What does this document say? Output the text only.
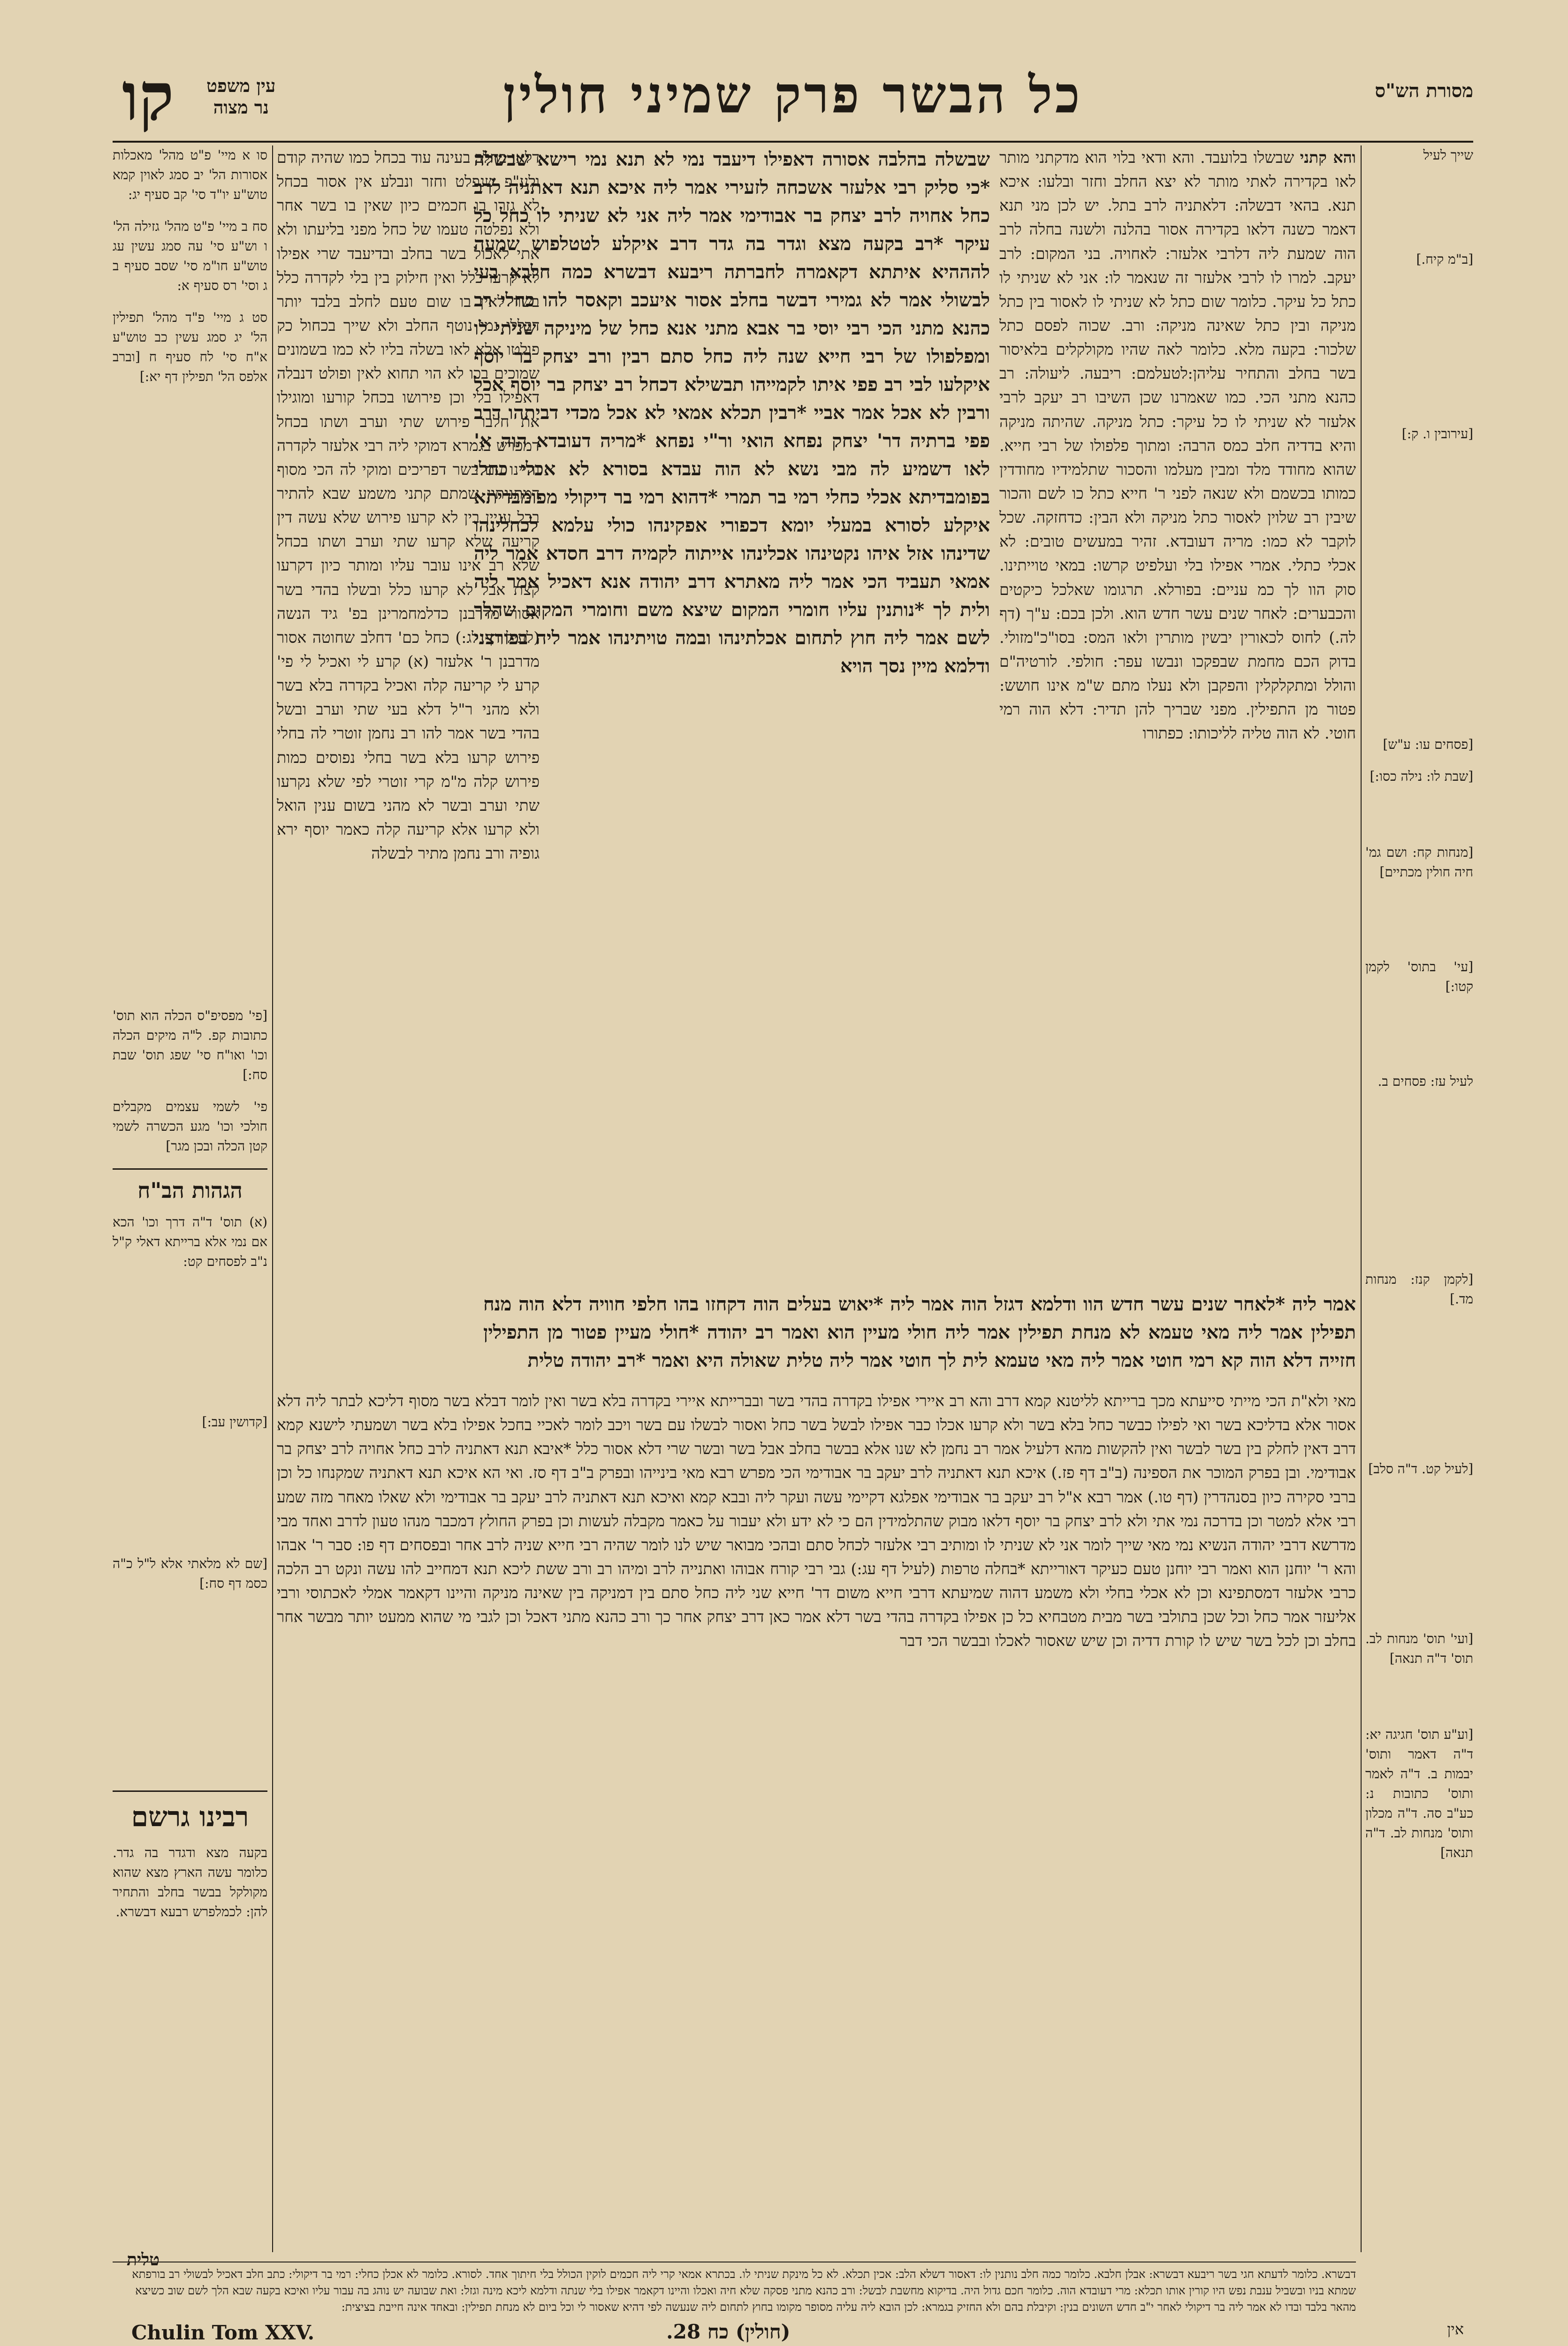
מסורת הש"ס
כל הבשר פרק שמיני חולין
עין משפט
נר מצוה
קו
שייך לעיל
[ב"מ קיח.]
[עירובין ו. ק:]
[פסחים עו: ע"ש]
[שבת לו: נילה כסו:]
[מנחות קח: ושם גמ' חיה חולין מכתיים]
[עי' בתוס' לקמן קטו:]
לעיל עז: פסחים ב.
[לקמן קנז: מנחות מד.]
[לעיל קט. ד"ה סלב]
[ועי' תוס' מנחות לב. תוס' ד"ה תנאה]
[וע"ע תוס' חגיגה יא: ד"ה דאמר ותוס' יבמות ב. ד"ה לאמר ותוס' כתובות נ: כע"ב סה. ד"ה מכלון ותוס' מנחות לב. ד"ה תנאה]
והא קתני שבשלו בלועבד. והא ודאי בלוי הוא מדקתני מותר לאו בקדירה לאתי מותר לא יצא החלב וחזר ובלעו: איכא תנא. בהאי דבשלה: דלאתניה לרב בתל. יש לכן מני תנא דאמר כשנה דלאו בקדירה אסור בהלנה ולשנה בחלה לרב הוה שמעת ליה דלרבי אלעזר: לאחויה. בני המקום: לרב יעקב. למרו לו לרבי אלעזר זה שנאמר לו: אני לא שניתי לו כתל כל עיקר. כלומר שום כתל לא שניתי לו לאסור בין כתל מניקה ובין כתל שאינה מניקה: ורב. שכוה לפסם כתל שלכור: בקעה מלא. כלומר לאה שהיו מקולקלים בלאיסור בשר בחלב והתחיר עליהן:לטעלמם: ריבעה. ליעולה: רב כהנא מתני הכי. כמו שאמרנו שכן השיבו רב יעקב לרבי אלעזר לא שניתי לו כל עיקר: כתל מניקה. שהיתה מניקה והיא בדדיה חלב כמס הרבה: ומתוך פלפולו של רבי חייא. שהוא מחודד מלד ומבין מעלמו והסכור שתלמידיו מחודדין כמותו בכשמם ולא שנאה לפני ר' חייא כתל כו לשם והכור שיבין רב שלוין לאסור כתל מניקה ולא הבין: כדחזקה. שכל לוקבר לא כמו: מריה דעובדא. זהיר במעשים טובים: לא אכלי כתלי. אמרי אפילו בלי ועלפיט קרשו: במאי טוייתינו. סוק הוו לך כמ עניים: בפורלא. תרגומו שאלכל כיקטים והכבערים: לאחר שנים עשר חדש הוא. ולכן בכם: ע"ך (דף לה.) לחוס לכאורין יבשין מותרין ולאו המס: בסו"כ"מזולי. בדוק הכם מחמת שבפקכו ונבשו עפר: חולפי. לורטיה"ם והולל ומתקלקלין והפקבן ולא נעלו מתם ש"מ אינו חושש: פטור מן התפילין. מפני שבריך להן תדיר: דלא הוה רמי חוטי. לא הוה טליה לליכותו: כפתורו
שבשלה בהלבה אסורה דאפילו דיעבד נמי לא תנא נמי רישא שבשלה *כי סליק רבי אלעזר אשכחה לזעירי אמר ליה איכא תנא דאתניה לרב כחל אחויה לרב יצחק בר אבודימי אמר ליה אני לא שניתי לו כחל כל עיקר *רב בקעה מצא וגדר בה גדר דרב איקלע לטטלפוש שמעה להההיא איתתא דקאמרה לחברתה ריבעא דבשרא כמה חלבא בעי לבשולי אמר לא גמירי דבשר בחלב אסור איעכב וקאסר להו כחלי רב כהנא מתני הכי רבי יוסי בר אבא מתני אנא כחל של מיניקה שניתי לו ומפלפולו של רבי חייא שנה ליה כחל סתם רבין ורב יצחק בר יוסף איקלעו לבי רב פפי איתו לקמייהו תבשילא דכחל רב יצחק בר יוסף אכל ורבין לא אכל אמר אביי *רבין תכלא אמאי לא אכל מכדי דביתהו דרב פפי ברתיה דר' יצחק נפחא הואי ור"י נפחא *מריה דעובדא הוה א' לאו דשמיע לה מבי נשא לא הוה עבדא בסורא לא אכלי כחלי בפומבדיתא אכלי כחלי רמי בר תמרי *דהוא רמי בר דיקולי מפומבדיתא איקלע לסורא במעלי יומא דכפורי אפקינהו כולי עלמא לכחלינהו שדינהו אזל איהו נקטינהו אכלינהו אייתוה לקמיה דרב חסדא אמר ליה אמאי תעביד הכי אמר ליה מאתרא דרב יהודה אנא דאכיל אמר ליה ולית לך *נותנין עליו חומרי המקום שיצא משם וחומרי המקום שהלך לשם אמר ליה חוץ לתחום אכלתינהו ובמה טויתינהו אמר ליה בפורצני ודלמא מיין נסך הויא
דלאו בחלב בעינה עוד בכחל כמו שהיה קודם ולע"פ שנפלט וחזר ונבלע אין אסור בכחל לא גזרו בו חכמים כיון שאין בו בשר אחר ולא נפלטה טעמו של כחל מפני בליעתו ולא אתי לאכול בשר בחלב ובדיעבד שרי אפילו לא קרעו כלל ואין חילוק בין בלי לקדרה כלל בשר לאין בו שום טעם לחלב בלבד יותר דבללי נמי נוטף החלב ולא שייך בכחול כק פולטו אלא לאו בשלה בליו לא כמו בשמונים שמוכים בכו לא הוי תחוא לאין ופולט דנבלה דאפילו בלי וכן פירושו בכחל קורעו ומוגילו את חלבו פירוש שתי וערב ושתו בכחל דמפרש בגמרא דמוקי ליה רבי אלעזר לקדרה והיינו עם בשר דפריכים ומוקי לה הכי מסוף דמתניתין שמתם קתני משמע שבא להתיר בכל עניין בין לא קרעו פירוש שלא עשה דין קריעה שלא קרעו שתי וערב ושתו בכחל שלא רב אינו עובר עליו ומותר כיון דקרעו קצת אבל לא קרעו כלל ובשלו בהדי בשר אסור מדרבנן כדלמחמרינן בפ' גיד הנשה (לעיל דף לג:) כחל כם' דחלב שחוטה אסור מדרבנן ר' אלעזר (א) קרע לי ואכיל לי פי' קרע לי קריעה קלה ואכיל בקדרה בלא בשר ולא מהני ר"ל דלא בעי שתי וערב ובשל בהדי בשר אמר להו רב נחמן זוטרי לה בחלי פירוש קרעו בלא בשר בחלי נפוסים כמות פירוש קלה מ"מ קרי זוטרי לפי שלא נקרעו שתי וערב ובשר לא מהני בשום ענין הואל ולא קרעו אלא קריעה קלה כאמר יוסף ירא גופיה ורב נחמן מתיר לבשלה
סו א מיי' פ"ט מהל' מאכלות אסורות הל' יב סמג לאוין קמא טוש"ע יו"ד סי' קב סעיף יג:
סח ב מיי' פ"ט מהל' גזילה הל' ו וש"ע סי' עה סמג עשין עג טוש"ע חו"מ סי' שסב סעיף ב ג וסי' רס סעיף א:
סט ג מיי' פ"ד מהל' תפילין הל' יג סמג עשין כב טוש"ע א"ח סי' לח סעיף ח [וברב אלפס הל' תפילין דף יא:]
[פי' מפסיפ"ס הכלה הוא תוס' כתובות קפ. ל"ה מיקים הכלה וכו' ואו"ח סי' שפג תוס' שבת סח:]
פי' לשמי עצמים מקבלים חולכי וכו' מגע הכשרה לשמי קטן הכלה ובכן מגר]
הגהות הב"ח
(א) תוס' ד"ה דרך וכו' הכא אם נמי אלא ברייתא דאלי ק"ל נ"ב לפסחים קט:
[קדושין עב:]
[שם לא מלאתי אלא ל"ל כ"ה כסמ דף סח:]
רבינו גרשם
בקעה מצא ודגדר בה גדר. כלומר עשה הארץ מצא שהוא מקולקל בבשר בחלב והתחיר להן: לכמלפרש רבעא דבשרא.
אמר ליה *לאחר שנים עשר חדש הוו ודלמא דגזל הוה אמר ליה *יאוש בעלים הוה דקחזו בהו חלפי חוויה דלא הוה מנח תפילין אמר ליה מאי טעמא לא מנחת תפילין אמר ליה חולי מעיין הוא ואמר רב יהודה *חולי מעיין פטור מן התפילין חזייה דלא הוה קא רמי חוטי אמר ליה מאי טעמא לית לך חוטי אמר ליה טלית שאולה היא ואמר *רב יהודה טלית
מאי ולא"ת הכי מייתי סייעתא מכך ברייתא לליטנא קמא דרב והא רב איירי אפילו בקדרה בהדי בשר ובברייתא איירי בקדרה בלא בשר ואין לומר דבלא בשר מסוף דליכא לבתר ליה דלא אסור אלא בדליכא בשר ואי לפילו כבשר כחל בלא בשר ולא קרעו אכלו כבר אפילו לבשל בשר כחל ואסור לבשלו עם בשר ויכב לומר לאכיי בחכל אפילו בלא בשר ושמעתי לישנא קמא דרב דאין לחלק בין בשר לבשר ואין להקשות מהא דלעיל אמר רב נחמן לא שנו אלא בבשר בחלב אבל בשר ובשר שרי דלא אסור כלל *איבא תנא דאתניה לרב כחל אחויה לרב יצחק בר אבודימי. ובן בפרק המוכר את הספינה (ב"ב דף פז.) איכא תנא דאתניה לרב יעקב בר אבודימי הכי מפרש רבא מאי בינייהו ובפרק ב"ב דף סז. ואי הא איכא תנא דאתניה שמקנחו כל וכן ברבי סקירה כיון בסנהדרין (דף טו.) אמר רבא א"ל רב יעקב בר אבודימי אפלגא דקיימי עשה ועקר ליה ובבא קמא ואיכא תנא דאתניה לרב יעקב בר אבודימי ולא שאלו מאחר מזה שמע רבי אלא למטר וכן בדרכה נמי אתי ולא לרב יצחק בר יוסף דלאו מבוק שהתלמידין הם כי לא ידע ולא יעבור על כאמר מקבלה לעשות וכן בפרק החולץ דמכבר מנהו טעון לדרב ואחד מבי מדרשא דרבי יהודה הנשיא נמי מאי שייך לומר אני לא שניתי לו ומותיב רבי אלעזר לכחל סתם ובהכי מבואר שיש לנו לומר שהיה רבי חייא שניה לרב אחר ובפסחים דף פו: סבר ר' אבהו והא ר' יוחנן הוא ואמר רבי יוחנן טעם כעיקר דאורייתא *בחלה טרפות (לעיל דף עג:) גבי רבי קורח אבוהו ואתנייה לרב ומיהו רב ורב ששת ליכא תנא דמחייב להו עשה ונקט רב הלכה כרבי אלעזר דמסתפינא וכן לא אכלי בחלי ולא משמע דהוה שמיעתא דרבי חייא משום דר' חייא שני ליה כחל סתם בין דמניקה בין שאינה מניקה והיינו דקאמר אמלי לאכתוסי ורבי אליעזר אמר כחל וכל שכן בתולבי בשר מבית מטבחיא כל כן אפילו בקדרה בהדי בשר דלא אמר כאן דרב יצחק אחר כך ורב כהנא מתני דאכל וכן לגבי מי שהוא ממעט יותר מבשר אחר בחלב וכן לכל בשר שיש לו קורת דדיה וכן שיש שאסור לאכלו ובבשר הכי דבר
טלית
דבשרא. כלומר לדעתא חגי בשר ריבעא דבשרא: אבלן חלבא. כלומר כמה חלב נותנין לו: דאסור דשלא הלב: אכין תכלא. לא כל מינקת שניתי לו. בכתרא אמאי קרי ליה חכמים לוקין הכולל בלי חיתוך אחד. לסורא. כלומר לא אכלן כחלי: רמי בר דיקולי: כתב חלב דאכיל לבשולי רב בורפתא שמתא בניו ובשביל ענבת נפש היו קורין אותו תכלא: מרי דעובדא הוה. כלומר חכם גדול היה. בדיקוא מחשבת לבשל: ורב כהנא מתני פסקה שלא חיה ואכלו והיינו דקאמר אפילו בלי שנתה ודלמא ליכא מינה וגזל: ואת שבועה יש נוהג בה עבור עליו ואיכא בקעה שבא הלך לשם שוב כשיצא מהאר בלבד ובדו לא אמר ליה בר דיקולי לאחר י"ב חדש השונים בנין: וקיבלת בהם ולא החזיק בגמרא: לכן הובא ליה עליה מסופר מקומו בחוץ לתחום ליה שנעשה לפי דהיא שאסור לי וכל ביום לא מנחת תפילין: ובאחד אינה חייבת בציצית:
(חולין) כח 28.
Chulin Tom XXV.	אין
